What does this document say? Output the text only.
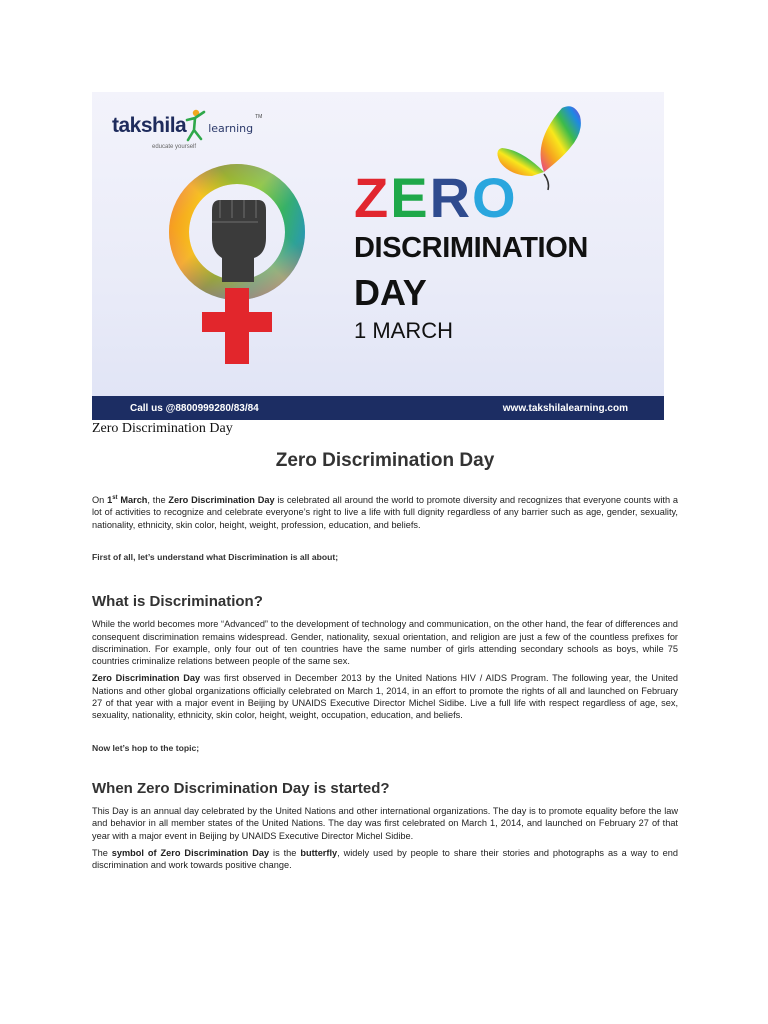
takshila learning
TM
educate yourself
ZERO
DISCRIMINATION
DAY
1 MARCH
Call us @8800999280/83/84	www.takshilalearning.com
Zero Discrimination Day
Zero Discrimination Day

On 1st March, the Zero Discrimination Day is celebrated all around the world to promote diversity and recognizes that everyone counts with a lot of activities to recognize and celebrate everyone’s right to live a life with full dignity regardless of any barrier such as age, gender, sexuality, nationality, ethnicity, skin color, height, weight, profession, education, and beliefs.

First of all, let’s understand what Discrimination is all about;

What is Discrimination?

While the world becomes more “Advanced” to the development of technology and communication, on the other hand, the fear of differences and consequent discrimination remains widespread. Gender, nationality, sexual orientation, and religion are just a few of the countless prefixes for discrimination. For example, only four out of ten countries have the same number of girls attending secondary schools as boys, while 75 countries criminalize relations between people of the same sex.

Zero Discrimination Day was first observed in December 2013 by the United Nations HIV / AIDS Program. The following year, the United Nations and other global organizations officially celebrated on March 1, 2014, in an effort to promote the rights of all and launched on February 27 of that year with a major event in Beijing by UNAIDS Executive Director Michel Sidibe. Live a full life with respect regardless of age, sex, sexuality, nationality, ethnicity, skin color, height, weight, occupation, education, and beliefs.

Now let’s hop to the topic;

When Zero Discrimination Day is started?

This Day is an annual day celebrated by the United Nations and other international organizations. The day is to promote equality before the law and behavior in all member states of the United Nations. The day was first celebrated on March 1, 2014, and launched on February 27 of that year with a major event in Beijing by UNAIDS Executive Director Michel Sidibe.

The symbol of Zero Discrimination Day is the butterfly, widely used by people to share their stories and photographs as a way to end discrimination and work towards positive change.
